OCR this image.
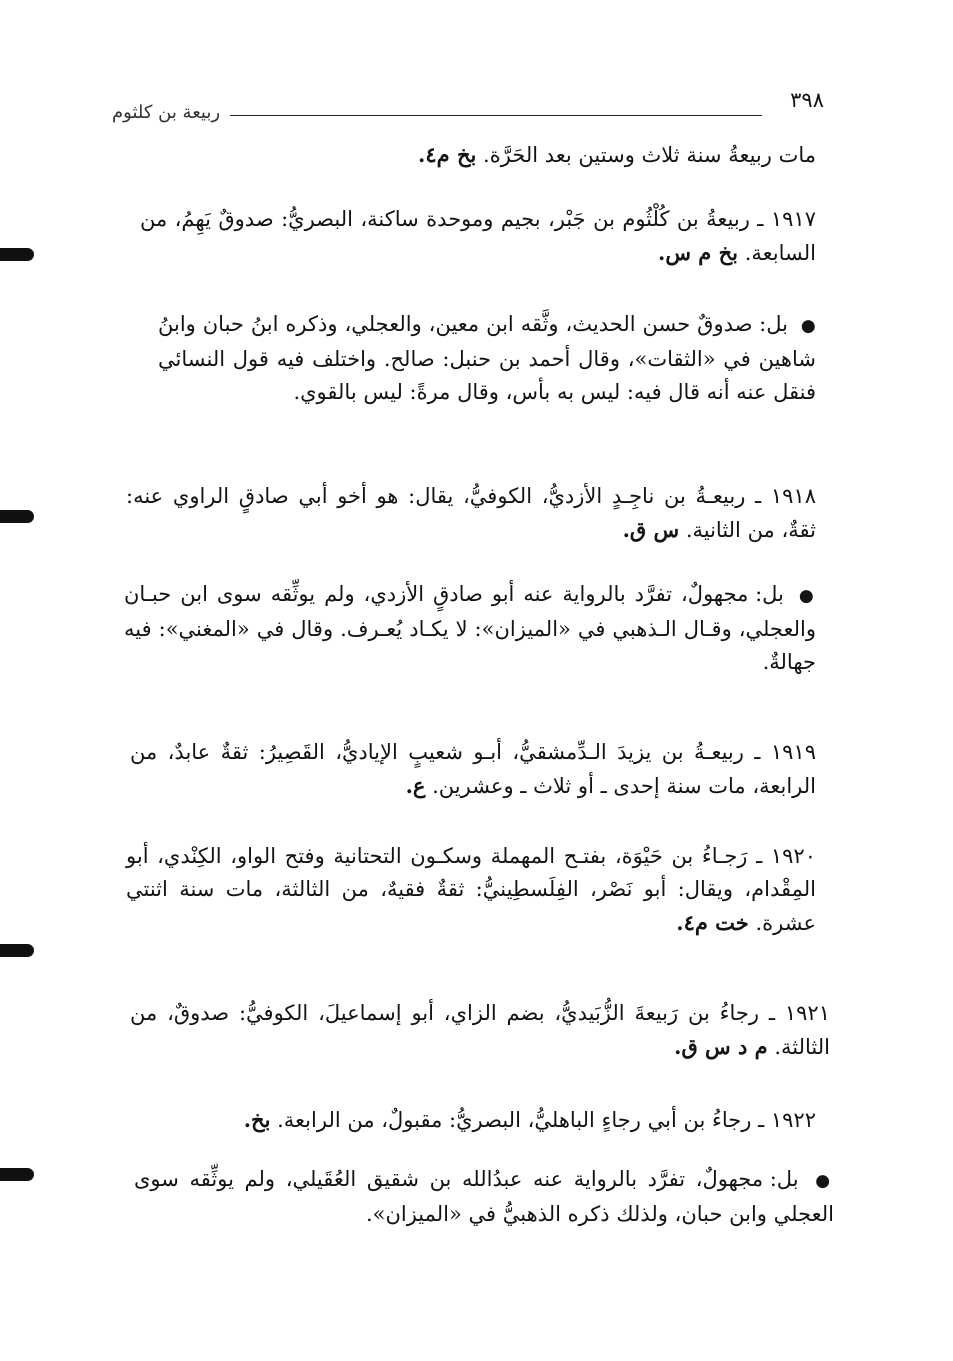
٣٩٨
ربيعة بن كلثوم

مات ربيعةُ سنة ثلاث وستين بعد الحَرَّة. بخ م٤.

١٩١٧ ـ ربيعةُ بن كُلْثُوم بن جَبْر، بجيم وموحدة ساكنة، البصريُّ: صدوقٌ يَهِمُ، من السابعة. بخ م س.

● بل: صدوقٌ حسن الحديث، وثَّقه ابن معين، والعجلي، وذكره ابنُ حبان وابنُ شاهين في «الثقات»، وقال أحمد بن حنبل: صالح. واختلف فيه قول النسائي فنقل عنه أنه قال فيه: ليس به بأس، وقال مرةً: ليس بالقوي.

١٩١٨ ـ ربيعـةُ بن ناجِـدٍ الأزديُّ، الكوفيُّ، يقال: هو أخو أبي صادقٍ الراوي عنه: ثقةٌ، من الثانية. س ق.

● بل: مجهولٌ، تفرَّد بالرواية عنه أبو صادقٍ الأزدي، ولم يوثِّقه سوى ابن حبـان والعجلي، وقـال الـذهبي في «الميزان»: لا يكـاد يُعـرف. وقال في «المغني»: فيه جهالةٌ.

١٩١٩ ـ ربيعـةُ بن يزيدَ الـدِّمشقيُّ، أبـو شعيبٍ الإياديُّ، القَصِيرُ: ثقةٌ عابدٌ، من الرابعة، مات سنة إحدى ـ أو ثلاث ـ وعشرين. ع.

١٩٢٠ ـ رَجـاءُ بن حَيْوَة، بفتـح المهملة وسكـون التحتانية وفتح الواو، الكِنْدي، أبو المِقْدام، ويقال: أبو نَصْر، الفِلَسطِينيُّ: ثقةٌ فقيهٌ، من الثالثة، مات سنة اثنتي عشرة. خت م٤.

١٩٢١ ـ رجاءُ بن رَبيعةَ الزُّبَيديُّ، بضم الزاي، أبو إسماعيلَ، الكوفيُّ: صدوقٌ، من الثالثة. م د س ق.

١٩٢٢ ـ رجاءُ بن أبي رجاءٍ الباهليُّ، البصريُّ: مقبولٌ، من الرابعة. بخ.

● بل: مجهولٌ، تفرَّد بالرواية عنه عبدُالله بن شقيق العُقَيلي، ولم يوثِّقه سوى العجلي وابن حبان، ولذلك ذكره الذهبيُّ في «الميزان».
